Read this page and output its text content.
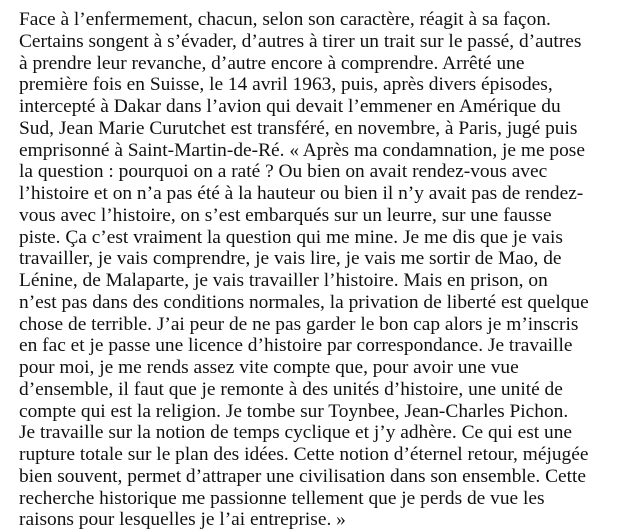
Face à l’enfermement, chacun, selon son caractère, réagit à sa façon.
Certains songent à s’évader, d’autres à tirer un trait sur le passé, d’autres
à prendre leur revanche, d’autre encore à comprendre. Arrêté une
première fois en Suisse, le 14 avril 1963, puis, après divers épisodes,
intercepté à Dakar dans l’avion qui devait l’emmener en Amérique du
Sud, Jean Marie Curutchet est transféré, en novembre, à Paris, jugé puis
emprisonné à Saint-Martin-de-Ré. « Après ma condamnation, je me pose
la question : pourquoi on a raté ? Ou bien on avait rendez-vous avec
l’histoire et on n’a pas été à la hauteur ou bien il n’y avait pas de rendez-
vous avec l’histoire, on s’est embarqués sur un leurre, sur une fausse
piste. Ça c’est vraiment la question qui me mine. Je me dis que je vais
travailler, je vais comprendre, je vais lire, je vais me sortir de Mao, de
Lénine, de Malaparte, je vais travailler l’histoire. Mais en prison, on
n’est pas dans des conditions normales, la privation de liberté est quelque
chose de terrible. J’ai peur de ne pas garder le bon cap alors je m’inscris
en fac et je passe une licence d’histoire par correspondance. Je travaille
pour moi, je me rends assez vite compte que, pour avoir une vue
d’ensemble, il faut que je remonte à des unités d’histoire, une unité de
compte qui est la religion. Je tombe sur Toynbee, Jean-Charles Pichon.
Je travaille sur la notion de temps cyclique et j’y adhère. Ce qui est une
rupture totale sur le plan des idées. Cette notion d’éternel retour, méjugée
bien souvent, permet d’attraper une civilisation dans son ensemble. Cette
recherche historique me passionne tellement que je perds de vue les
raisons pour lesquelles je l’ai entreprise. »
